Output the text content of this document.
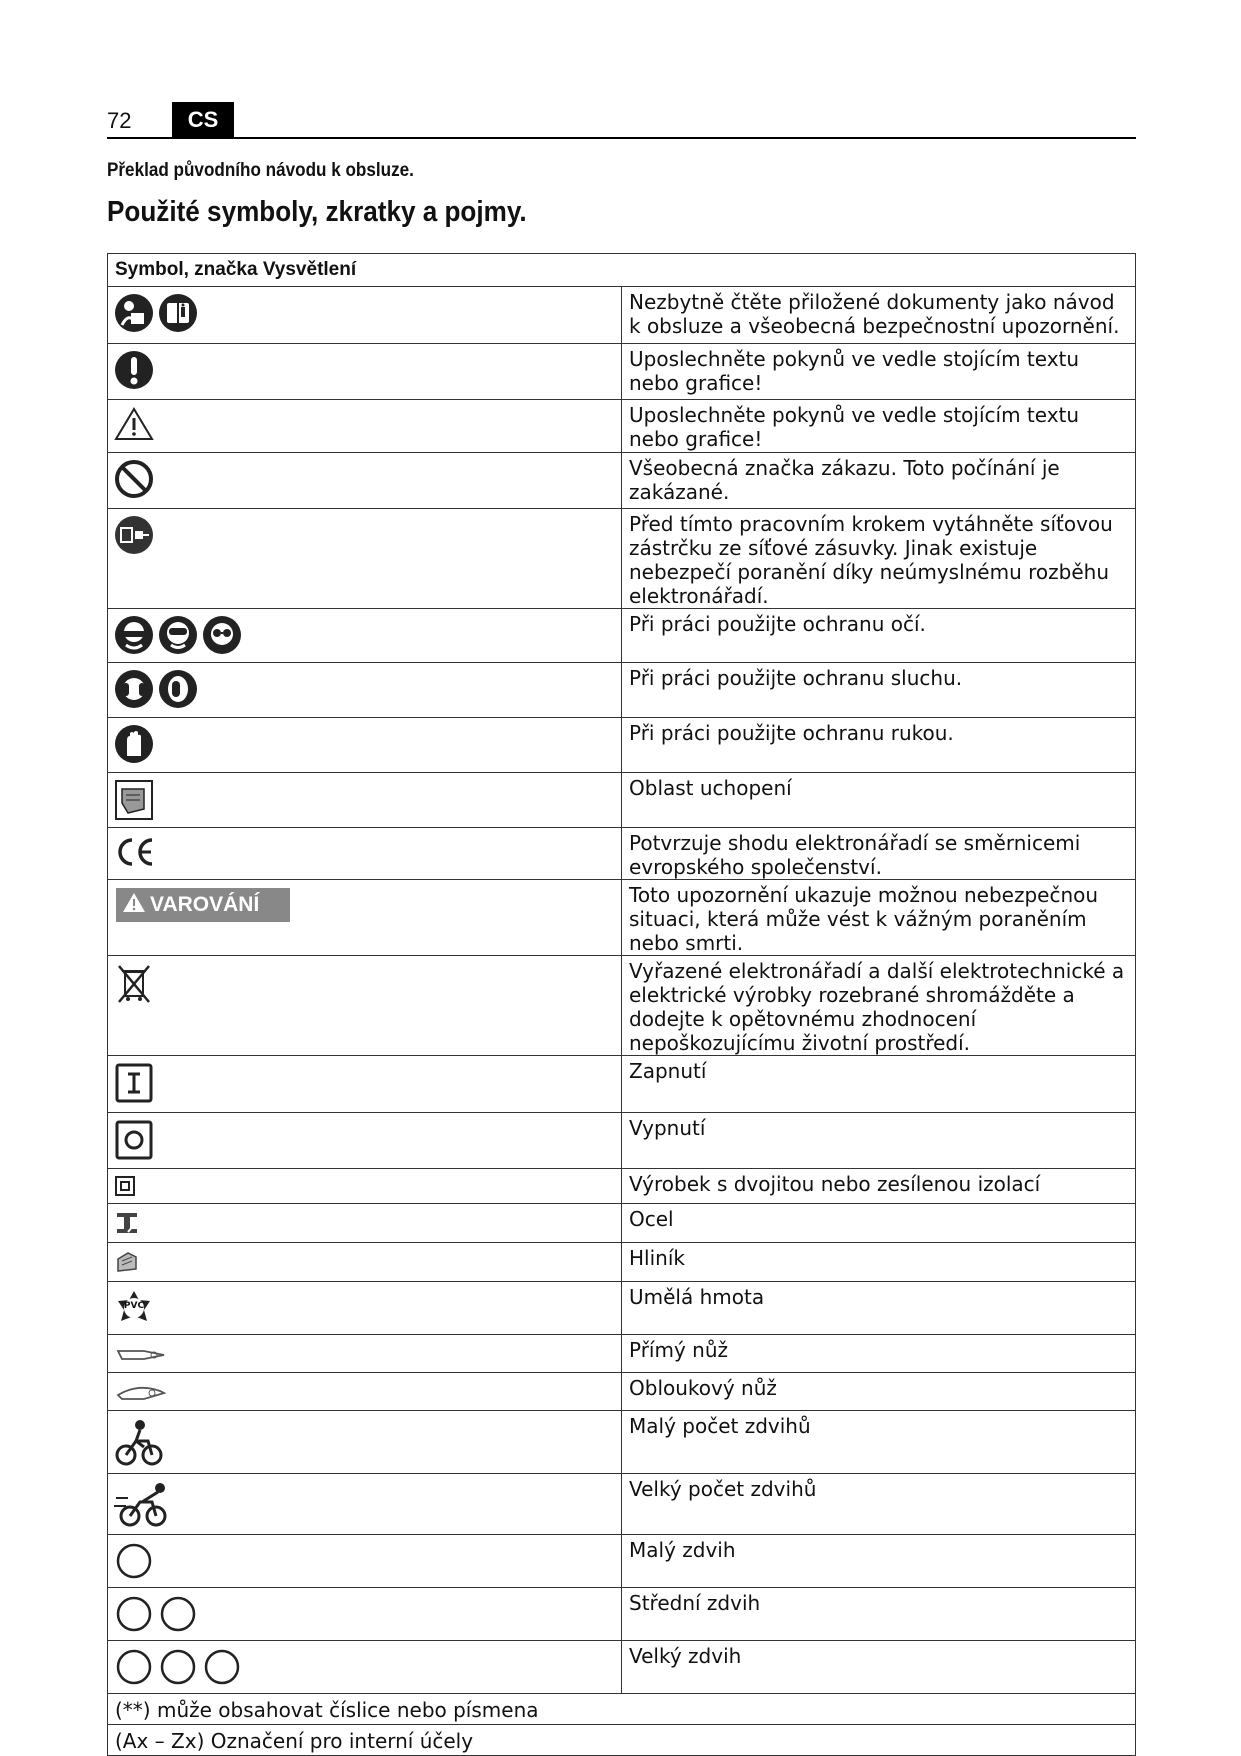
72	CS
Překlad původního návodu k obsluze.
Použité symboly, zkratky a pojmy.
Symbol, značka Vysvětlení	

	Nezbytně čtěte přiložené dokumenty jako návod k obsluze a všeobecná bezpečnostní upozornění.

	Uposlechněte pokynů ve vedle stojícím textu nebo grafice!

	Uposlechněte pokynů ve vedle stojícím textu nebo grafice!

	Všeobecná značka zákazu. Toto počínání je zakázané.

	Před tímto pracovním krokem vytáhněte síťovou zástrčku ze síťové zásuvky. Jinak existuje nebezpečí poranění díky neúmyslnému rozběhu elektronářadí.

	Při práci použijte ochranu očí.

	Při práci použijte ochranu sluchu.

	Při práci použijte ochranu rukou.

	Oblast uchopení

	Potvrzuje shodu elektronářadí se směrnicemi evropského společenství.

VAROVÁNÍ	Toto upozornění ukazuje možnou nebezpečnou situaci, která může vést k vážným poraněním nebo smrti.

	Vyřazené elektronářadí a další elektrotechnické a elektrické výrobky rozebrané shromážděte a dodejte k opětovnému zhodnocení nepoškozujícímu životní prostředí.

	Zapnutí

	Vypnutí

	Výrobek s dvojitou nebo zesílenou izolací

	Ocel

	Hliník

PVC	Umělá hmota

	Přímý nůž

	Obloukový nůž

	Malý počet zdvihů

	Velký počet zdvihů

	Malý zdvih

	Střední zdvih

	Velký zdvih

(**) může obsahovat číslice nebo písmena	

(Ax – Zx) Označení pro interní účely	
